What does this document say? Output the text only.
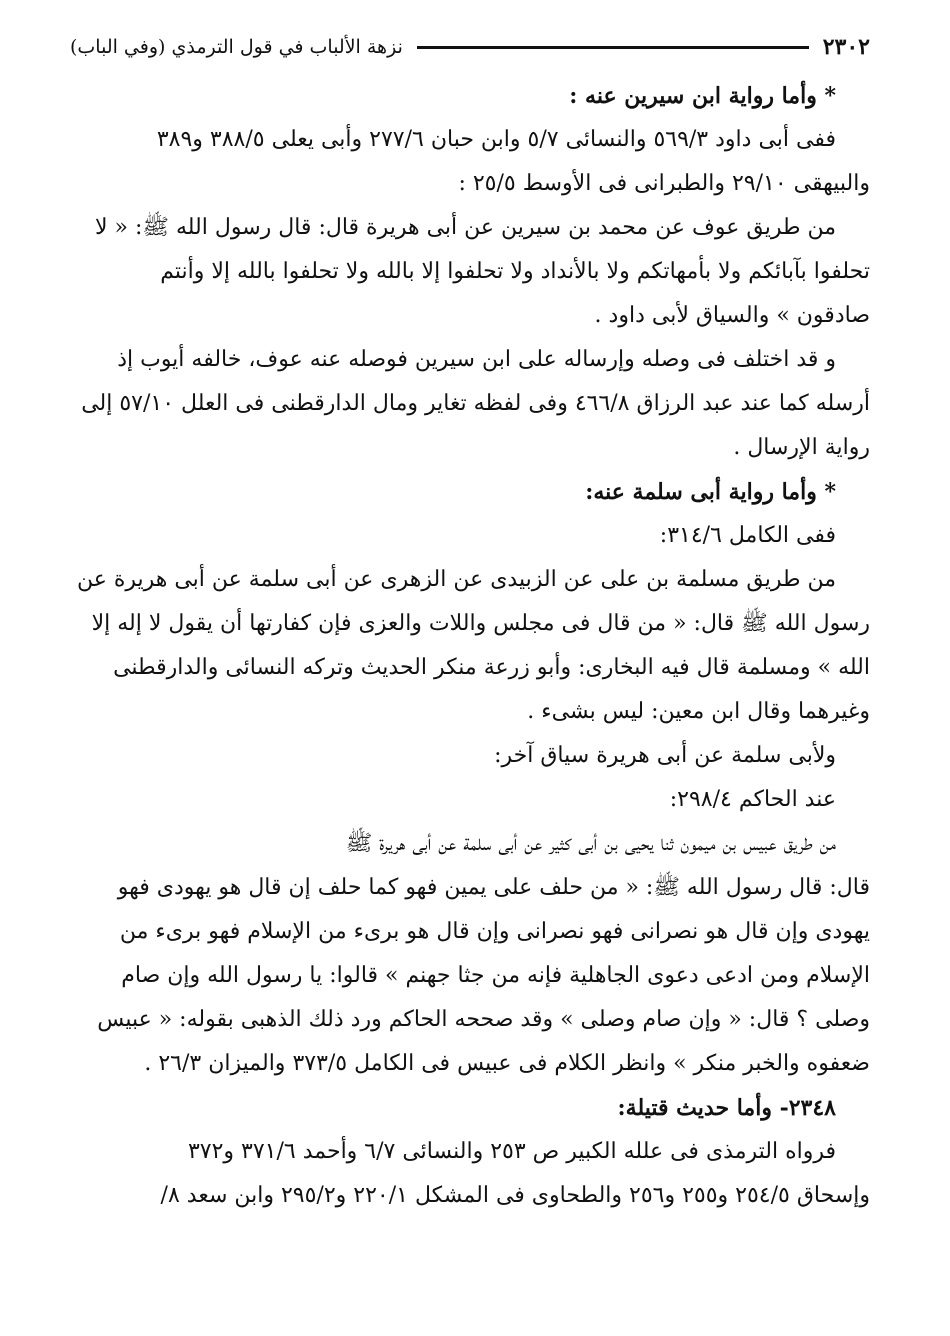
٢٣٠٢
نزهة الألباب في قول الترمذي (وفي الباب)
* وأما رواية ابن سيرين عنه :
ففى أبى داود ٥٦٩/٣ والنسائى ٥/٧ وابن حبان ٢٧٧/٦ وأبى يعلى ٣٨٨/٥ و٣٨٩
والبيهقى ٢٩/١٠ والطبرانى فى الأوسط ٢٥/٥ :
من طريق عوف عن محمد بن سيرين عن أبى هريرة قال: قال رسول الله ﷺ: « لا
تحلفوا بآبائكم ولا بأمهاتكم ولا بالأنداد ولا تحلفوا إلا بالله ولا تحلفوا بالله إلا وأنتم
صادقون » والسياق لأبى داود .
و قد اختلف فى وصله وإرساله على ابن سيرين فوصله عنه عوف، خالفه أيوب إذ
أرسله كما عند عبد الرزاق ٤٦٦/٨ وفى لفظه تغاير ومال الدارقطنى فى العلل ٥٧/١٠ إلى
رواية الإرسال .
* وأما رواية أبى سلمة عنه:
ففى الكامل ٣١٤/٦:
من طريق مسلمة بن على عن الزبيدى عن الزهرى عن أبى سلمة عن أبى هريرة عن
رسول الله ﷺ قال: « من قال فى مجلس واللات والعزى فإن كفارتها أن يقول لا إله إلا
الله » ومسلمة قال فيه البخارى: وأبو زرعة منكر الحديث وتركه النسائى والدارقطنى
وغيرهما وقال ابن معين: ليس بشىء .
ولأبى سلمة عن أبى هريرة سياق آخر:
عند الحاكم ٢٩٨/٤:
من طريق عبيس بن ميمون ثنا يحيى بن أبى كثير عن أبى سلمة عن أبى هريرة ﷺ
قال: قال رسول الله ﷺ: « من حلف على يمين فهو كما حلف إن قال هو يهودى فهو
يهودى وإن قال هو نصرانى فهو نصرانى وإن قال هو برىء من الإسلام فهو برىء من
الإسلام ومن ادعى دعوى الجاهلية فإنه من جثا جهنم » قالوا: يا رسول الله وإن صام
وصلى ؟ قال: « وإن صام وصلى » وقد صححه الحاكم ورد ذلك الذهبى بقوله: « عبيس
ضعفوه والخبر منكر » وانظر الكلام فى عبيس فى الكامل ٣٧٣/٥ والميزان ٢٦/٣ .
٢٣٤٨- وأما حديث قتيلة:
فرواه الترمذى فى علله الكبير ص ٢٥٣ والنسائى ٦/٧ وأحمد ٣٧١/٦ و٣٧٢
وإسحاق ٢٥٤/٥ و٢٥٥ و٢٥٦ والطحاوى فى المشكل ٢٢٠/١ و٢٩٥/٢ وابن سعد ٨/
